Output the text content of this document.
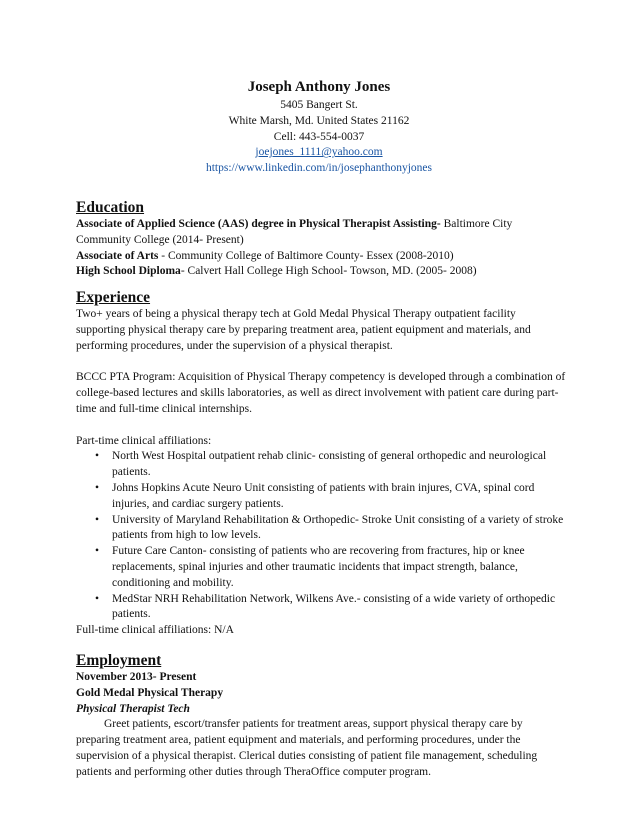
Joseph Anthony Jones
5405 Bangert St.
White Marsh, Md. United States 21162
Cell: 443-554-0037
joejones_1111@yahoo.com
https://www.linkedin.com/in/josephanthonyjones
Education

Associate of Applied Science (AAS) degree in Physical Therapist Assisting- Baltimore City Community College (2014- Present)

Associate of Arts - Community College of Baltimore County- Essex (2008-2010)

High School Diploma- Calvert Hall College High School- Towson, MD. (2005- 2008)

Experience

Two+ years of being a physical therapy tech at Gold Medal Physical Therapy outpatient facility supporting physical therapy care by preparing treatment area, patient equipment and materials, and performing procedures, under the supervision of a physical therapist.

BCCC PTA Program: Acquisition of Physical Therapy competency is developed through a combination of college-based lectures and skills laboratories, as well as direct involvement with patient care during part-time and full-time clinical internships.

Part-time clinical affiliations:

• North West Hospital outpatient rehab clinic- consisting of general orthopedic and neurological patients.
• Johns Hopkins Acute Neuro Unit consisting of patients with brain injures, CVA, spinal cord injuries, and cardiac surgery patients.
• University of Maryland Rehabilitation & Orthopedic- Stroke Unit consisting of a variety of stroke patients from high to low levels.
• Future Care Canton- consisting of patients who are recovering from fractures, hip or knee replacements, spinal injuries and other traumatic incidents that impact strength, balance, conditioning and mobility.
• MedStar NRH Rehabilitation Network, Wilkens Ave.- consisting of a wide variety of orthopedic patients.

Full-time clinical affiliations: N/A

Employment

November 2013- Present

Gold Medal Physical Therapy

Physical Therapist Tech

Greet patients, escort/transfer patients for treatment areas, support physical therapy care by preparing treatment area, patient equipment and materials, and performing procedures, under the supervision of a physical therapist. Clerical duties consisting of patient file management, scheduling patients and performing other duties through TheraOffice computer program.
